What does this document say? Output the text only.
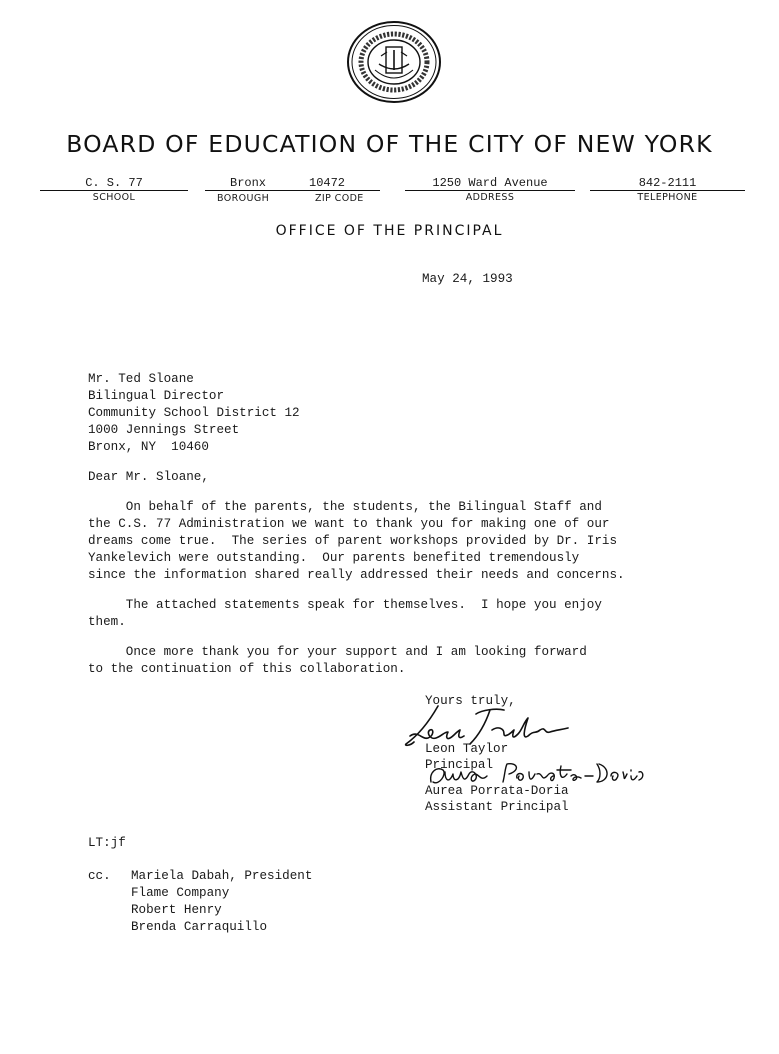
BOARD OF EDUCATION OF THE CITY OF NEW YORK
C. S. 77
SCHOOL
Bronx	10472
BOROUGH	ZIP CODE
1250 Ward Avenue
ADDRESS
842-2111
TELEPHONE
OFFICE OF THE PRINCIPAL
May 24, 1993
Mr. Ted Sloane
Bilingual Director
Community School District 12
1000 Jennings Street
Bronx, NY  10460
Dear Mr. Sloane,
On behalf of the parents, the students, the Bilingual Staff and
the C.S. 77 Administration we want to thank you for making one of our
dreams come true.  The series of parent workshops provided by Dr. Iris
Yankelevich were outstanding.  Our parents benefited tremendously
since the information shared really addressed their needs and concerns.
The attached statements speak for themselves.  I hope you enjoy
them.
Once more thank you for your support and I am looking forward
to the continuation of this collaboration.
Yours truly,
Leon Taylor
Principal
Aurea Porrata-Doria
Assistant Principal
LT:jf
cc. Mariela Dabah, President
Flame Company
Robert Henry
Brenda Carraquillo
